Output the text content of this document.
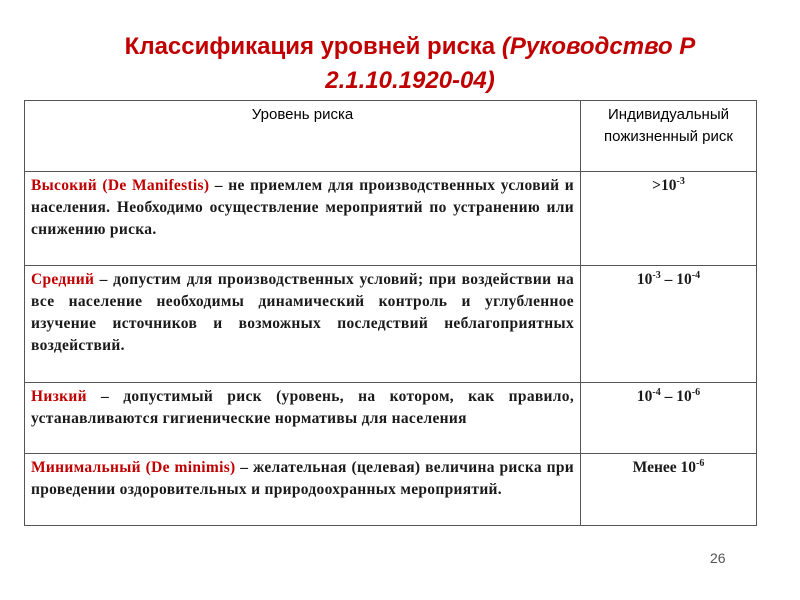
Классификация уровней риска (Руководство Р 2.1.10.1920-04)
Уровень риска	Индивидуальный пожизненный риск
Высокий (De Manifestis) – не приемлем для производственных условий и населения. Необходимо осуществление мероприятий по устранению или снижению риска.	$>10^{-3}$
Средний – допустим для производственных условий; при воздействии на все население необходимы динамический контроль и углубленное изучение источников и возможных последствий неблагоприятных воздействий.	$10^{-3} - 10^{-4}$
Низкий – допустимый риск (уровень, на котором, как правило, устанавливаются гигиенические нормативы для населения	$10^{-4} - 10^{-6}$
Минимальный (De minimis) – желательная (целевая) величина риска при проведении оздоровительных и природоохранных мероприятий.	Менее $10^{-6}$
26
